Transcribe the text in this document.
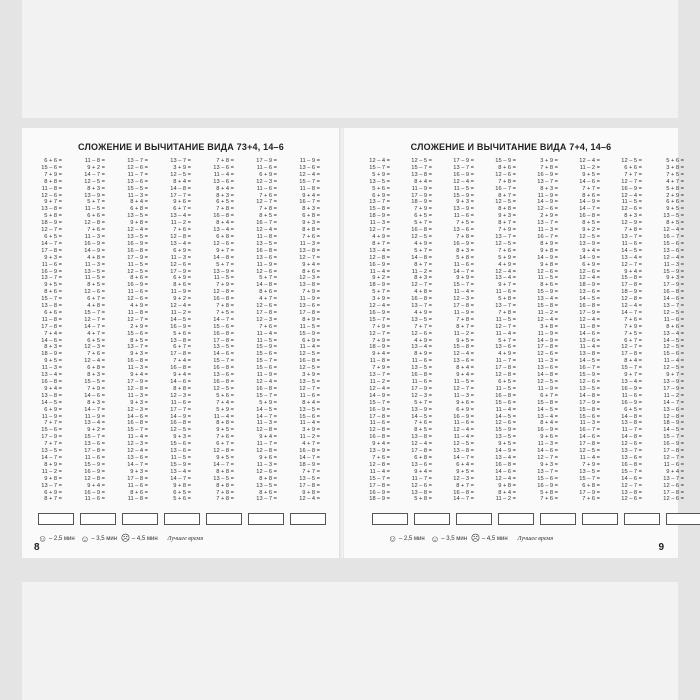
СЛОЖЕНИЕ И ВЫЧИТАНИЕ ВИДА 73+4, 14–6
6 + 6 =
15 – 6 =
7 + 9 =
8 + 8 =
11 – 8 =
12 – 6 =
9 + 7 =
13 – 8 =
5 + 8 =
18 – 9 =
12 – 7 =
6 + 5 =
14 – 7 =
17 – 8 =
9 + 3 =
11 – 6 =
16 – 9 =
13 – 7 =
9 + 5 =
8 + 6 =
15 – 7 =
13 – 8 =
6 + 6 =
11 – 8 =
17 – 8 =
7 + 4 =
14 – 6 =
8 + 3 =
18 – 9 =
9 + 5 =
11 – 3 =
13 – 4 =
16 – 8 =
9 + 4 =
13 – 8 =
14 – 5 =
6 + 9 =
11 – 9 =
7 + 7 =
15 – 6 =
17 – 9 =
7 + 7 =
13 – 5 =
14 – 7 =
8 + 9 =
11 – 2 =
9 + 8 =
13 – 7 =
6 + 9 =
8 + 7 =
11 – 8 =
9 + 2 =
14 – 7 =
12 – 5 =
8 + 3 =
13 – 9 =
5 + 7 =
11 – 5 =
6 + 6 =
12 – 8 =
7 + 6 =
11 – 3 =
16 – 9 =
14 – 9 =
4 + 8 =
11 – 3 =
13 – 5 =
11 – 5 =
8 + 5 =
12 – 6 =
6 + 7 =
4 + 8 =
15 – 7 =
12 – 7 =
14 – 7 =
4 + 7 =
6 + 5 =
12 – 3 =
7 + 6 =
12 – 4 =
6 + 8 =
8 + 3 =
15 – 5 =
7 + 9 =
14 – 6 =
8 + 3 =
14 – 7 =
11 – 9 =
13 – 4 =
9 + 2 =
15 – 7 =
13 – 6 =
17 – 8 =
11 – 6 =
15 – 9 =
16 – 9 =
12 – 8 =
9 + 4 =
16 – 9 =
11 – 6 =
13 – 7 =
12 – 6 =
11 – 7 =
13 – 6 =
15 – 5 =
11 – 3 =
8 + 4 =
6 + 8 =
13 – 5 =
9 + 8 =
12 – 4 =
13 – 5 =
16 – 9 =
16 – 8 =
17 – 9 =
11 – 5 =
12 – 5 =
8 + 6 =
16 – 9 =
11 – 6 =
12 – 6 =
4 + 9 =
11 – 8 =
12 – 7 =
2 + 9 =
15 – 6 =
8 + 5 =
13 – 7 =
9 + 3 =
16 – 8 =
11 – 3 =
9 + 4 =
17 – 9 =
12 – 8 =
11 – 3 =
9 + 3 =
12 – 3 =
14 – 6 =
16 – 8 =
15 – 7 =
11 – 4 =
12 – 3 =
12 – 4 =
13 – 6 =
14 – 7 =
9 + 3 =
17 – 8 =
11 – 6 =
8 + 6 =
11 – 8 =
13 – 7 =
3 + 9 =
12 – 5 =
8 + 4 =
14 – 8 =
17 – 7 =
9 + 6 =
6 + 7 =
13 – 4 =
11 – 2 =
7 + 6 =
12 – 8 =
13 – 4 =
6 + 9 =
11 – 3 =
12 – 6 =
17 – 9 =
6 + 9 =
8 + 6 =
11 – 9 =
9 + 2 =
12 – 4 =
11 – 2 =
14 – 5 =
16 – 9 =
5 + 6 =
13 – 8 =
6 + 7 =
17 – 8 =
7 + 4 =
16 – 8 =
9 + 4 =
14 – 6 =
8 + 8 =
12 – 3 =
11 – 6 =
17 – 7 =
14 – 9 =
16 – 8 =
12 – 5 =
9 + 3 =
15 – 6 =
13 – 6 =
11 – 5 =
15 – 9 =
13 – 4 =
14 – 7 =
9 + 8 =
6 + 5 =
5 + 6 =
7 + 8 =
13 – 6 =
11 – 4 =
13 – 6 =
8 + 4 =
8 + 3 =
6 + 5 =
7 + 8 =
16 – 8 =
8 + 4 =
13 – 4 =
6 + 8 =
12 – 6 =
9 + 7 =
14 – 8 =
5 + 7 =
13 – 9 =
11 – 5 =
7 + 9 =
12 – 8 =
16 – 8 =
7 + 8 =
7 + 5 =
14 – 7 =
15 – 6 =
16 – 8 =
17 – 8 =
13 – 5 =
14 – 6 =
15 – 7 =
16 – 8 =
13 – 6 =
16 – 8 =
12 – 5 =
5 + 6 =
7 + 4 =
5 + 9 =
11 – 4 =
8 + 8 =
9 + 5 =
7 + 6 =
6 + 7 =
12 – 8 =
9 + 5 =
14 – 7 =
8 + 8 =
13 – 5 =
8 + 8 =
7 + 8 =
7 + 8 =
17 – 9 =
11 – 6 =
6 + 9 =
12 – 3 =
11 – 6 =
7 + 6 =
12 – 7 =
7 + 8 =
8 + 5 =
16 – 7 =
12 – 4 =
11 – 8 =
13 – 5 =
16 – 8 =
13 – 6 =
11 – 9 =
12 – 6 =
5 + 7 =
14 – 8 =
8 + 6 =
4 + 7 =
12 – 6 =
17 – 8 =
12 – 3 =
7 + 6 =
11 – 4 =
11 – 5 =
15 – 9 =
15 – 6 =
15 – 7 =
15 – 6 =
11 – 9 =
12 – 4 =
16 – 8 =
15 – 7 =
5 + 9 =
14 – 5 =
14 – 7 =
11 – 3 =
12 – 8 =
9 + 4 =
11 – 7 =
12 – 8 =
9 + 6 =
11 – 3 =
12 – 6 =
8 + 8 =
13 – 5 =
8 + 6 =
13 – 7 =
11 – 9 =
13 – 6 =
12 – 4 =
15 – 7 =
11 – 8 =
9 + 4 =
16 – 7 =
8 + 3 =
6 + 8 =
9 + 3 =
8 + 8 =
7 + 6 =
11 – 3 =
13 – 8 =
12 – 7 =
9 + 4 =
8 + 6 =
12 – 3 =
13 – 8 =
7 + 9 =
11 – 9 =
13 – 6 =
17 – 8 =
8 + 9 =
11 – 5 =
15 – 9 =
6 + 9 =
11 – 4 =
12 – 5 =
16 – 8 =
12 – 5 =
3 + 9 =
13 – 5 =
12 – 7 =
11 – 6 =
8 + 4 =
13 – 5 =
15 – 6 =
11 – 4 =
3 + 9 =
11 – 2 =
4 + 7 =
16 – 8 =
14 – 7 =
18 – 9 =
7 + 7 =
13 – 5 =
17 – 8 =
9 + 8 =
12 – 4 =
☺ – 2,5 мин ☺ – 3,5 мин ☹ – 4,5 мин Лучшее время
8
СЛОЖЕНИЕ И ВЫЧИТАНИЕ ВИДА 7+4, 14–6
12 – 4 =
15 – 7 =
5 + 9 =
13 – 5 =
5 + 6 =
6 + 9 =
13 – 7 =
15 – 8 =
18 – 9 =
11 – 3 =
12 – 7 =
4 + 9 =
8 + 7 =
13 – 4 =
12 – 8 =
16 – 9 =
11 – 4 =
9 + 2 =
18 – 9 =
5 + 7 =
3 + 9 =
12 – 4 =
16 – 9 =
15 – 7 =
7 + 9 =
12 – 7 =
7 + 9 =
18 – 9 =
9 + 4 =
11 – 8 =
7 + 9 =
13 – 7 =
11 – 2 =
12 – 4 =
14 – 9 =
15 – 7 =
16 – 9 =
17 – 8 =
11 – 6 =
12 – 8 =
16 – 8 =
9 + 4 =
13 – 9 =
7 + 6 =
12 – 8 =
11 – 4 =
15 – 7 =
17 – 8 =
16 – 9 =
18 – 9 =
12 – 5 =
15 – 7 =
13 – 8 =
8 + 4 =
11 – 9 =
17 – 9 =
18 – 9 =
7 + 9 =
6 + 5 =
5 + 7 =
16 – 8 =
12 – 5 =
4 + 9 =
5 + 7 =
14 – 8 =
8 + 7 =
11 – 2 =
8 + 3 =
12 – 7 =
4 + 8 =
16 – 8 =
13 – 7 =
4 + 9 =
13 – 5 =
7 + 7 =
12 – 6 =
4 + 9 =
13 – 4 =
8 + 9 =
11 – 6 =
13 – 5 =
16 – 8 =
11 – 6 =
17 – 9 =
12 – 3 =
5 + 7 =
13 – 9 =
14 – 5 =
7 + 6 =
8 + 5 =
13 – 8 =
12 – 4 =
17 – 8 =
6 + 8 =
13 – 6 =
9 + 4 =
11 – 7 =
12 – 6 =
13 – 8 =
5 + 8 =
17 – 9 =
13 – 7 =
16 – 9 =
12 – 4 =
11 – 5 =
15 – 9 =
9 + 3 =
13 – 9 =
11 – 6 =
7 + 5 =
13 – 6 =
7 + 8 =
16 – 9 =
8 + 3 =
5 + 8 =
11 – 6 =
14 – 7 =
9 + 9 =
15 – 7 =
11 – 4 =
12 – 3 =
17 – 8 =
11 – 9 =
7 + 8 =
8 + 7 =
11 – 2 =
9 + 5 =
15 – 8 =
12 – 4 =
13 – 6 =
8 + 4 =
9 + 4 =
11 – 5 =
12 – 7 =
11 – 3 =
9 + 6 =
6 + 9 =
16 – 9 =
11 – 6 =
12 – 4 =
11 – 4 =
12 – 5 =
13 – 8 =
14 – 7 =
6 + 4 =
9 + 5 =
12 – 3 =
8 + 7 =
16 – 8 =
14 – 7 =
15 – 9 =
8 + 6 =
12 – 6 =
7 + 8 =
16 – 7 =
8 + 7 =
12 – 5 =
8 + 8 =
9 + 3 =
8 + 7 =
7 + 9 =
13 – 7 =
12 – 5 =
7 + 6 =
5 + 9 =
4 + 9 =
12 – 4 =
13 – 4 =
9 + 7 =
11 – 6 =
5 + 8 =
13 – 7 =
7 + 8 =
11 – 5 =
12 – 7 =
11 – 4 =
5 + 7 =
13 – 6 =
4 + 9 =
11 – 7 =
17 – 8 =
12 – 8 =
6 + 5 =
11 – 5 =
16 – 8 =
15 – 6 =
11 – 4 =
14 – 5 =
12 – 6 =
15 – 9 =
13 – 5 =
9 + 5 =
14 – 9 =
13 – 4 =
16 – 8 =
14 – 6 =
12 – 4 =
9 + 8 =
8 + 4 =
11 – 2 =
3 + 9 =
7 + 8 =
16 – 9 =
13 – 7 =
8 + 3 =
11 – 9 =
14 – 9 =
12 – 6 =
2 + 9 =
13 – 7 =
11 – 3 =
16 – 7 =
8 + 9 =
9 + 8 =
14 – 9 =
9 + 8 =
12 – 6 =
11 – 5 =
8 + 6 =
15 – 9 =
13 – 4 =
15 – 8 =
11 – 2 =
12 – 4 =
3 + 8 =
11 – 9 =
14 – 9 =
17 – 8 =
12 – 6 =
11 – 3 =
13 – 6 =
14 – 8 =
12 – 5 =
11 – 9 =
6 + 7 =
15 – 8 =
14 – 5 =
13 – 4 =
8 + 4 =
16 – 9 =
9 + 6 =
11 – 3 =
14 – 6 =
12 – 7 =
9 + 3 =
13 – 7 =
15 – 6 =
16 – 9 =
5 + 8 =
7 + 6 =
12 – 4 =
11 – 2 =
9 + 5 =
14 – 6 =
7 + 7 =
8 + 6 =
14 – 9 =
14 – 7 =
16 – 8 =
8 + 5 =
9 + 2 =
12 – 5 =
13 – 9 =
9 + 4 =
14 – 9 =
6 + 9 =
12 – 6 =
12 – 4 =
18 – 9 =
13 – 6 =
14 – 5 =
16 – 8 =
17 – 9 =
12 – 4 =
11 – 8 =
14 – 6 =
13 – 6 =
11 – 4 =
13 – 8 =
14 – 5 =
16 – 7 =
15 – 9 =
12 – 6 =
13 – 5 =
14 – 8 =
17 – 9 =
15 – 8 =
15 – 6 =
11 – 3 =
16 – 7 =
14 – 6 =
17 – 8 =
12 – 5 =
11 – 4 =
7 + 9 =
13 – 5 =
15 – 7 =
6 + 8 =
17 – 9 =
7 + 6 =
12 – 5 =
6 + 6 =
7 + 7 =
12 – 7 =
16 – 9 =
12 – 4 =
11 – 5 =
12 – 6 =
8 + 3 =
12 – 9 =
7 + 8 =
13 – 7 =
11 – 6 =
14 – 5 =
13 – 4 =
12 – 7 =
9 + 4 =
15 – 8 =
17 – 8 =
18 – 9 =
12 – 8 =
12 – 4 =
14 – 7 =
7 + 6 =
7 + 9 =
7 + 5 =
6 + 7 =
12 – 7 =
17 – 8 =
8 + 4 =
15 – 7 =
9 + 7 =
13 – 4 =
16 – 9 =
11 – 6 =
16 – 9 =
6 + 5 =
14 – 8 =
13 – 8 =
11 – 7 =
14 – 8 =
12 – 6 =
13 – 7 =
13 – 6 =
16 – 8 =
15 – 7 =
14 – 6 =
12 – 7 =
13 – 8 =
12 – 6 =
5 + 6 =
3 + 8 =
7 + 5 =
4 + 7 =
5 + 8 =
2 + 9 =
6 + 6 =
9 + 5 =
13 – 5 =
8 + 5 =
12 – 4 =
16 – 7 =
15 – 6 =
13 – 6 =
12 – 4 =
11 – 3 =
15 – 9 =
9 + 3 =
17 – 9 =
16 – 8 =
14 – 6 =
13 – 7 =
12 – 5 =
11 – 6 =
8 + 6 =
13 – 4 =
14 – 5 =
12 – 5 =
15 – 6 =
11 – 4 =
12 – 5 =
9 + 7 =
13 – 9 =
17 – 9 =
11 – 2 =
14 – 7 =
13 – 6 =
12 – 8 =
18 – 9 =
14 – 5 =
15 – 7 =
16 – 9 =
17 – 8 =
12 – 7 =
11 – 6 =
9 + 4 =
13 – 7 =
12 – 6 =
17 – 8 =
12 – 6 =
☺ – 2,5 мин ☺ – 3,5 мин ☹ – 4,5 мин Лучшее время
9
